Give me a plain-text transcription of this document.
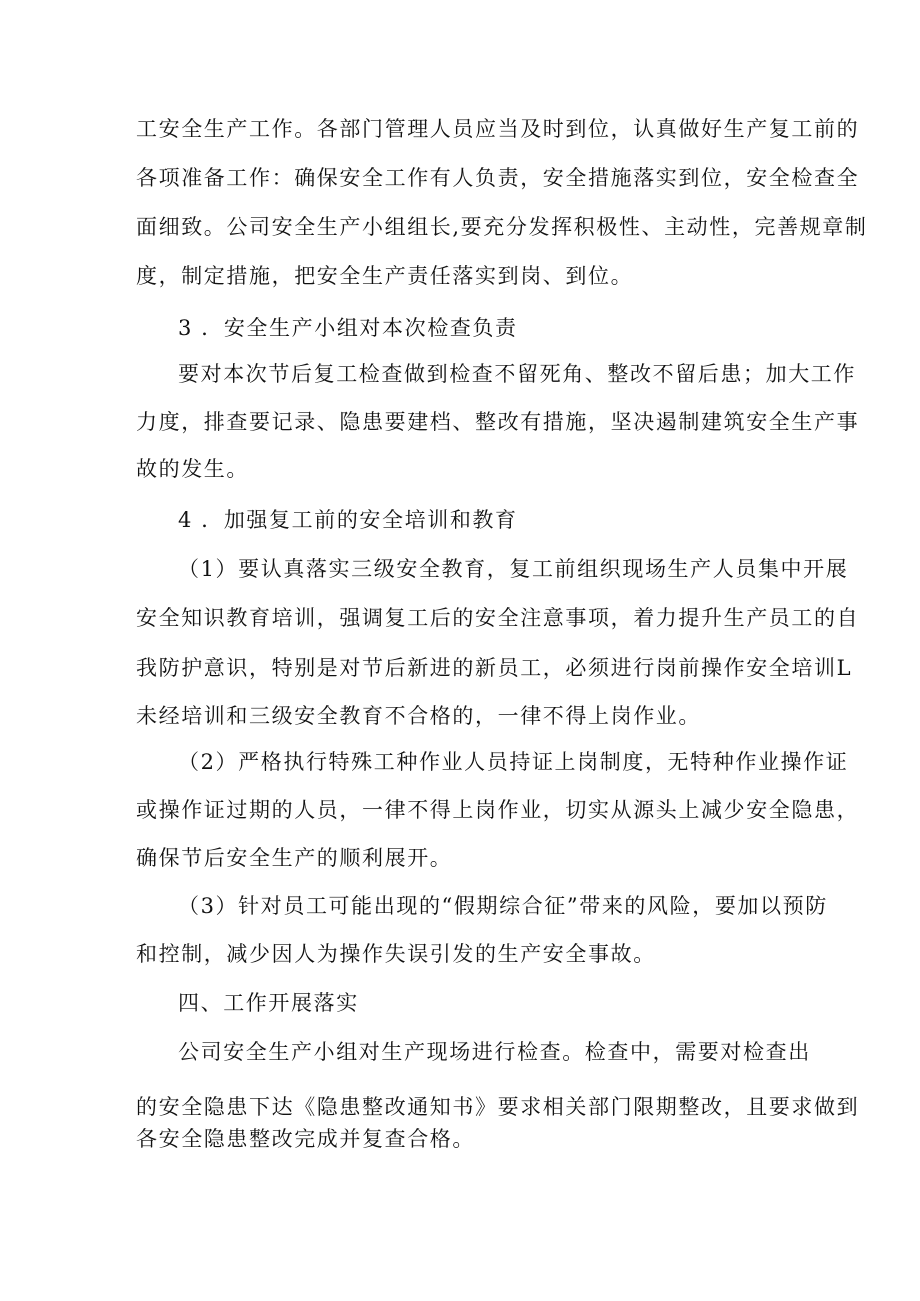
工安全生产工作。各部门管理人员应当及时到位，认真做好生产复工前的
各项准备工作：确保安全工作有人负责，安全措施落实到位，安全检查全
面细致。公司安全生产小组组长,要充分发挥积极性、主动性，完善规章制
度，制定措施，把安全生产责任落实到岗、到位。
3 ．安全生产小组对本次检查负责
要对本次节后复工检查做到检查不留死角、整改不留后患；加大工作
力度，排查要记录、隐患要建档、整改有措施，坚决遏制建筑安全生产事
故的发生。
4 ．加强复工前的安全培训和教育
（1）要认真落实三级安全教育，复工前组织现场生产人员集中开展
安全知识教育培训，强调复工后的安全注意事项，着力提升生产员工的自
我防护意识，特别是对节后新进的新员工，必须进行岗前操作安全培训L
未经培训和三级安全教育不合格的，一律不得上岗作业。
（2）严格执行特殊工种作业人员持证上岗制度，无特种作业操作证
或操作证过期的人员，一律不得上岗作业，切实从源头上减少安全隐患，
确保节后安全生产的顺利展开。
（3）针对员工可能出现的“假期综合征”带来的风险，要加以预防
和控制，减少因人为操作失误引发的生产安全事故。
四、工作开展落实
公司安全生产小组对生产现场进行检查。检查中，需要对检查出
的安全隐患下达《隐患整改通知书》要求相关部门限期整改，且要求做到
各安全隐患整改完成并复查合格。
